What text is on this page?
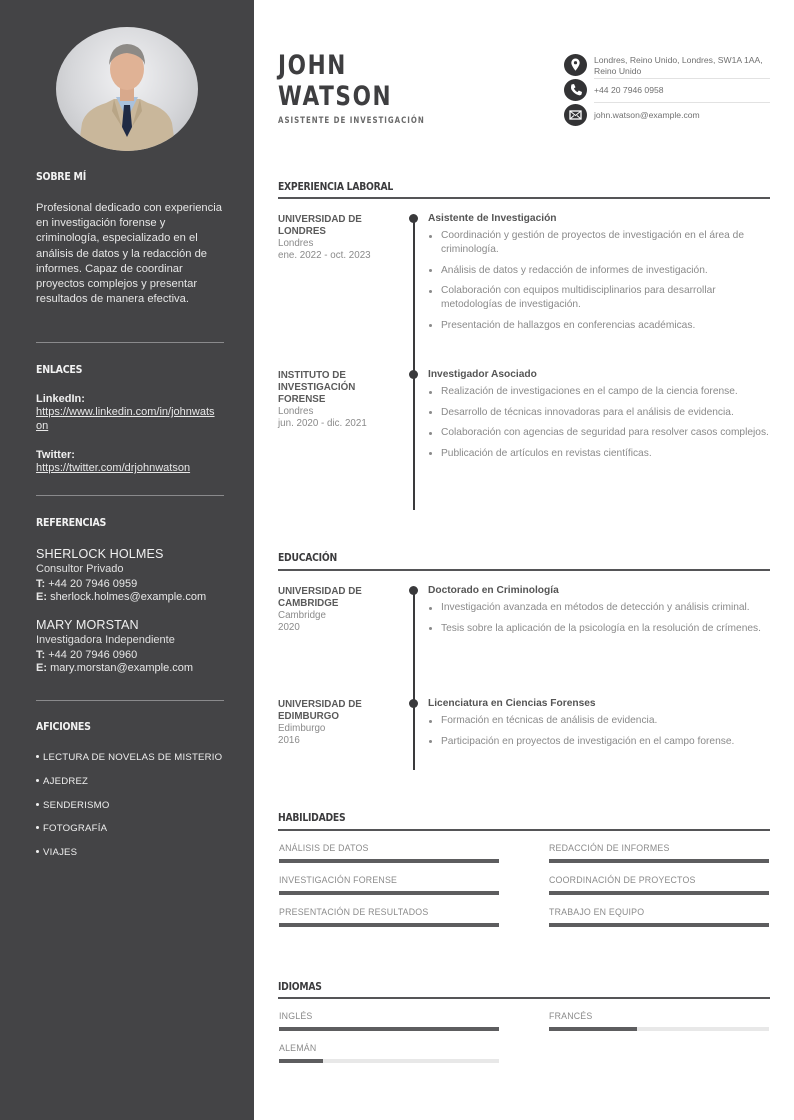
SOBRE MÍ
Profesional dedicado con experiencia en investigación forense y criminología, especializado en el análisis de datos y la redacción de informes. Capaz de coordinar proyectos complejos y presentar resultados de manera efectiva.
ENLACES
LinkedIn:
https://www.linkedin.com/in/johnwatson
Twitter:
https://twitter.com/drjohnwatson
REFERENCIAS
SHERLOCK HOLMES
Consultor Privado
T: +44 20 7946 0959
E: sherlock.holmes@example.com
MARY MORSTAN
Investigadora Independiente
T: +44 20 7946 0960
E: mary.morstan@example.com
AFICIONES
LECTURA DE NOVELAS DE MISTERIO
AJEDREZ
SENDERISMO
FOTOGRAFÍA
VIAJES
JOHN
WATSON
ASISTENTE DE INVESTIGACIÓN
Londres, Reino Unido, Londres, SW1A 1AA, Reino Unido
+44 20 7946 0958
john.watson@example.com
EXPERIENCIA LABORAL
UNIVERSIDAD DE LONDRES
Londres
ene. 2022 - oct. 2023
Asistente de Investigación
Coordinación y gestión de proyectos de investigación en el área de criminología.
Análisis de datos y redacción de informes de investigación.
Colaboración con equipos multidisciplinarios para desarrollar metodologías de investigación.
Presentación de hallazgos en conferencias académicas.
INSTITUTO DE INVESTIGACIÓN FORENSE
Londres
jun. 2020 - dic. 2021
Investigador Asociado
Realización de investigaciones en el campo de la ciencia forense.
Desarrollo de técnicas innovadoras para el análisis de evidencia.
Colaboración con agencias de seguridad para resolver casos complejos.
Publicación de artículos en revistas científicas.
EDUCACIÓN
UNIVERSIDAD DE CAMBRIDGE
Cambridge
2020
Doctorado en Criminología
Investigación avanzada en métodos de detección y análisis criminal.
Tesis sobre la aplicación de la psicología en la resolución de crímenes.
UNIVERSIDAD DE EDIMBURGO
Edimburgo
2016
Licenciatura en Ciencias Forenses
Formación en técnicas de análisis de evidencia.
Participación en proyectos de investigación en el campo forense.
HABILIDADES
ANÁLISIS DE DATOS	REDACCIÓN DE INFORMES
INVESTIGACIÓN FORENSE	COORDINACIÓN DE PROYECTOS
PRESENTACIÓN DE RESULTADOS	TRABAJO EN EQUIPO
IDIOMAS
INGLÉS	FRANCÉS
ALEMÁN
